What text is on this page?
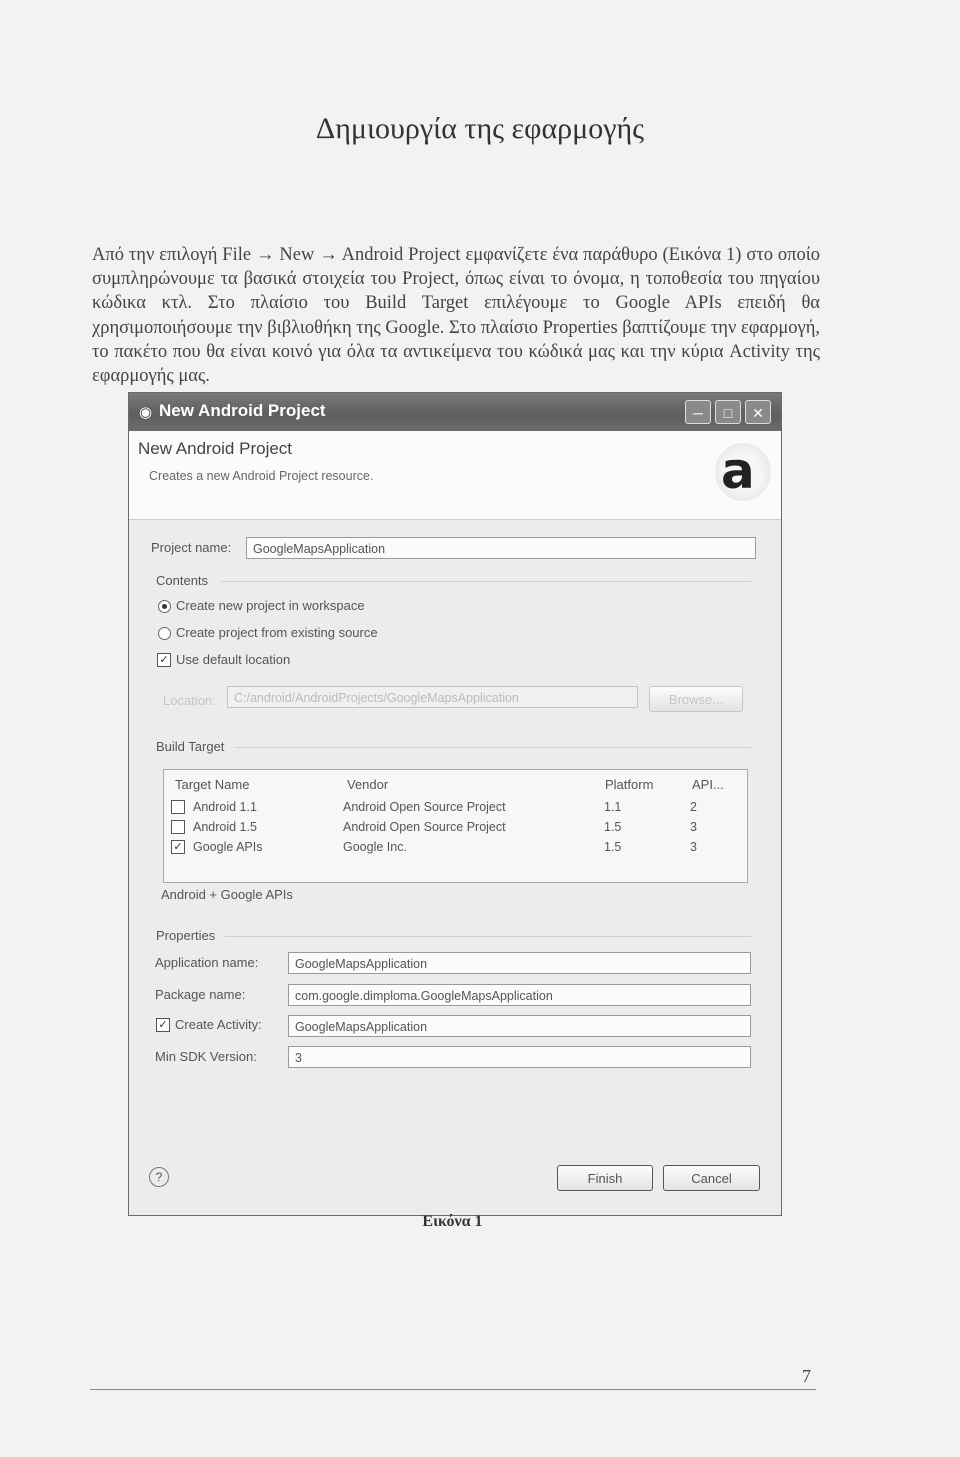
Δημιουργία της εφαρμογής
Από την επιλογή File → New → Android Project εμφανίζετε ένα παράθυρο (Εικόνα 1) στο οποίο συμπληρώνουμε τα βασικά στοιχεία του Project, όπως είναι το όνομα, η τοποθεσία του πηγαίου κώδικα κτλ. Στο πλαίσιο του Build Target επιλέγουμε το Google APIs επειδή θα χρησιμοποιήσουμε την βιβλιοθήκη της Google. Στο πλαίσιο Properties βαπτίζουμε την εφαρμογή, το πακέτο που θα είναι κοινό για όλα τα αντικείμενα του κώδικά μας και την κύρια Activity της εφαρμογής μας.
◉ New Android Project	─	□	✕
New Android Project
Creates a new Android Project resource.	a
Project name:	GoogleMapsApplication
Contents
Create new project in workspace
Create project from existing source
✓ Use default location
Location:	C:/android/AndroidProjects/GoogleMapsApplication	Browse...
Build Target
Target Name	Vendor	Platform	API...
Android 1.1	Android Open Source Project	1.1	2
Android 1.5	Android Open Source Project	1.5	3
✓ Google APIs	Google Inc.	1.5	3
Android + Google APIs
Properties
Application name:	GoogleMapsApplication
Package name:	com.google.dimploma.GoogleMapsApplication
✓ Create Activity:	GoogleMapsApplication
Min SDK Version:	3
?	Finish	Cancel
Εικόνα 1
7
